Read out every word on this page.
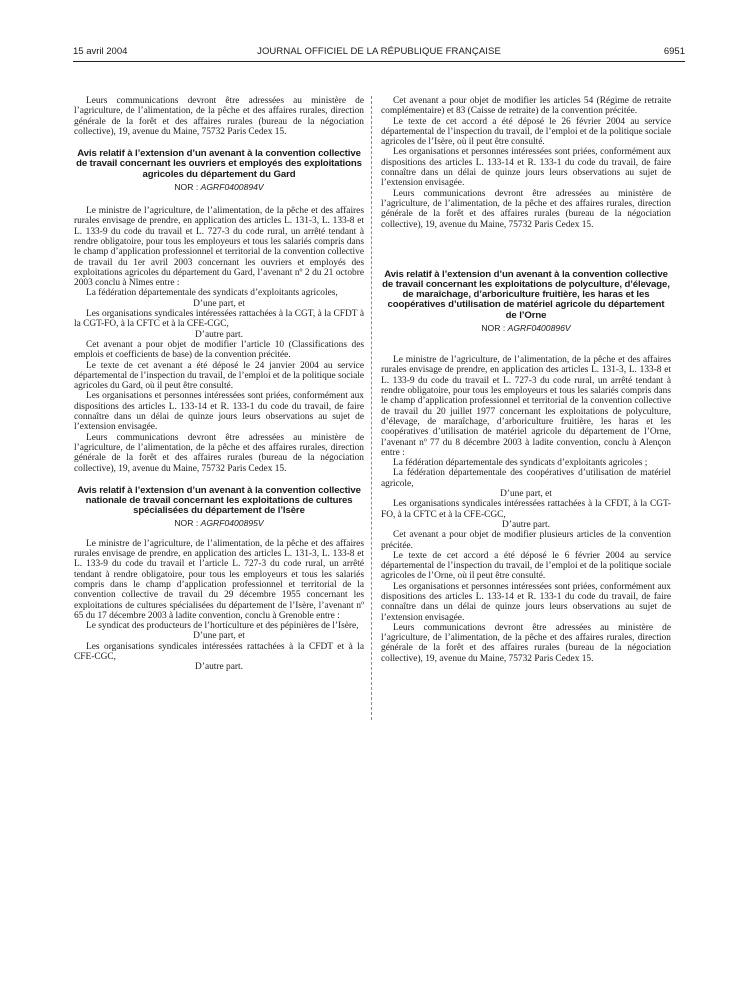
15 avril 2004	JOURNAL OFFICIEL DE LA RÉPUBLIQUE FRANÇAISE	6951

Leurs communications devront être adressées au ministère de l’agriculture, de l’alimentation, de la pêche et des affaires rurales, direction générale de la forêt et des affaires rurales (bureau de la négociation collective), 19, avenue du Maine, 75732 Paris Cedex 15.

Avis relatif à l’extension d’un avenant à la convention collective de travail concernant les ouvriers et employés des exploitations agricoles du département du Gard

NOR : AGRF0400894V

Le ministre de l’agriculture, de l’alimentation, de la pêche et des affaires rurales envisage de prendre, en application des articles L. 131-3, L. 133-8 et L. 133-9 du code du travail et L. 727-3 du code rural, un arrêté tendant à rendre obligatoire, pour tous les employeurs et tous les salariés compris dans le champ d’application professionnel et territorial de la convention collective de travail du 1er avril 2003 concernant les ouvriers et employés des exploitations agricoles du département du Gard, l’avenant nº 2 du 21 octobre 2003 conclu à Nîmes entre :

La fédération départementale des syndicats d’exploitants agricoles,

D’une part, et

Les organisations syndicales intéressées rattachées à la CGT, à la CFDT à la CGT-FO, à la CFTC et à la CFE-CGC,

D’autre part.

Cet avenant a pour objet de modifier l’article 10 (Classifications des emplois et coefficients de base) de la convention précitée.

Le texte de cet avenant a été déposé le 24 janvier 2004 au service départemental de l’inspection du travail, de l’emploi et de la politique sociale agricoles du Gard, où il peut être consulté.

Les organisations et personnes intéressées sont priées, conformément aux dispositions des articles L. 133-14 et R. 133-1 du code du travail, de faire connaître dans un délai de quinze jours leurs observations au sujet de l’extension envisagée.

Leurs communications devront être adressées au ministère de l’agriculture, de l’alimentation, de la pêche et des affaires rurales, direction générale de la forêt et des affaires rurales (bureau de la négociation collective), 19, avenue du Maine, 75732 Paris Cedex 15.

Avis relatif à l’extension d’un avenant à la convention collective nationale de travail concernant les exploitations de cultures spécialisées du département de l’Isère

NOR : AGRF0400895V

Le ministre de l’agriculture, de l’alimentation, de la pêche et des affaires rurales envisage de prendre, en application des articles L. 131-3, L. 133-8 et L. 133-9 du code du travail et l’article L. 727-3 du code rural, un arrêté tendant à rendre obligatoire, pour tous les employeurs et tous les salariés compris dans le champ d’application professionnel et territorial de la convention collective de travail du 29 décembre 1955 concernant les exploitations de cultures spécialisées du département de l’Isère, l’avenant nº 65 du 17 décembre 2003 à ladite convention, conclu à Grenoble entre :

Le syndicat des producteurs de l’horticulture et des pépinières de l’Isère,

D’une part, et

Les organisations syndicales intéressées rattachées à la CFDT et à la CFE-CGC,

D’autre part.

Cet avenant a pour objet de modifier les articles 54 (Régime de retraite complémentaire) et 83 (Caisse de retraite) de la convention précitée.

Le texte de cet accord a été déposé le 26 février 2004 au service départemental de l’inspection du travail, de l’emploi et de la politique sociale agricoles de l’Isère, où il peut être consulté.

Les organisations et personnes intéressées sont priées, conformément aux dispositions des articles L. 133-14 et R. 133-1 du code du travail, de faire connaître dans un délai de quinze jours leurs observations au sujet de l’extension envisagée.

Leurs communications devront être adressées au ministère de l’agriculture, de l’alimentation, de la pêche et des affaires rurales, direction générale de la forêt et des affaires rurales (bureau de la négociation collective), 19, avenue du Maine, 75732 Paris Cedex 15.

Avis relatif à l’extension d’un avenant à la convention collective de travail concernant les exploitations de polyculture, d’élevage, de maraîchage, d’arboriculture fruitière, les haras et les coopératives d’utilisation de matériel agricole du département de l’Orne

NOR : AGRF0400896V

Le ministre de l’agriculture, de l’alimentation, de la pêche et des affaires rurales envisage de prendre, en application des articles L. 131-3, L. 133-8 et L. 133-9 du code du travail et L. 727-3 du code rural, un arrêté tendant à rendre obligatoire, pour tous les employeurs et tous les salariés compris dans le champ d’application professionnel et territorial de la convention collective de travail du 20 juillet 1977 concernant les exploitations de polyculture, d’élevage, de maraîchage, d’arboriculture fruitière, les haras et les coopératives d’utilisation de matériel agricole du département de l’Orne, l’avenant nº 77 du 8 décembre 2003 à ladite convention, conclu à Alençon entre :

La fédération départementale des syndicats d’exploitants agricoles ;

La fédération départementale des coopératives d’utilisation de matériel agricole,

D’une part, et

Les organisations syndicales intéressées rattachées à la CFDT, à la CGT-FO, à la CFTC et à la CFE-CGC,

D’autre part.

Cet avenant a pour objet de modifier plusieurs articles de la convention précitée.

Le texte de cet accord a été déposé le 6 février 2004 au service départemental de l’inspection du travail, de l’emploi et de la politique sociale agricoles de l’Orne, où il peut être consulté.

Les organisations et personnes intéressées sont priées, conformément aux dispositions des articles L. 133-14 et R. 133-1 du code du travail, de faire connaître dans un délai de quinze jours leurs observations au sujet de l’extension envisagée.

Leurs communications devront être adressées au ministère de l’agriculture, de l’alimentation, de la pêche et des affaires rurales, direction générale de la forêt et des affaires rurales (bureau de la négociation collective), 19, avenue du Maine, 75732 Paris Cedex 15.
